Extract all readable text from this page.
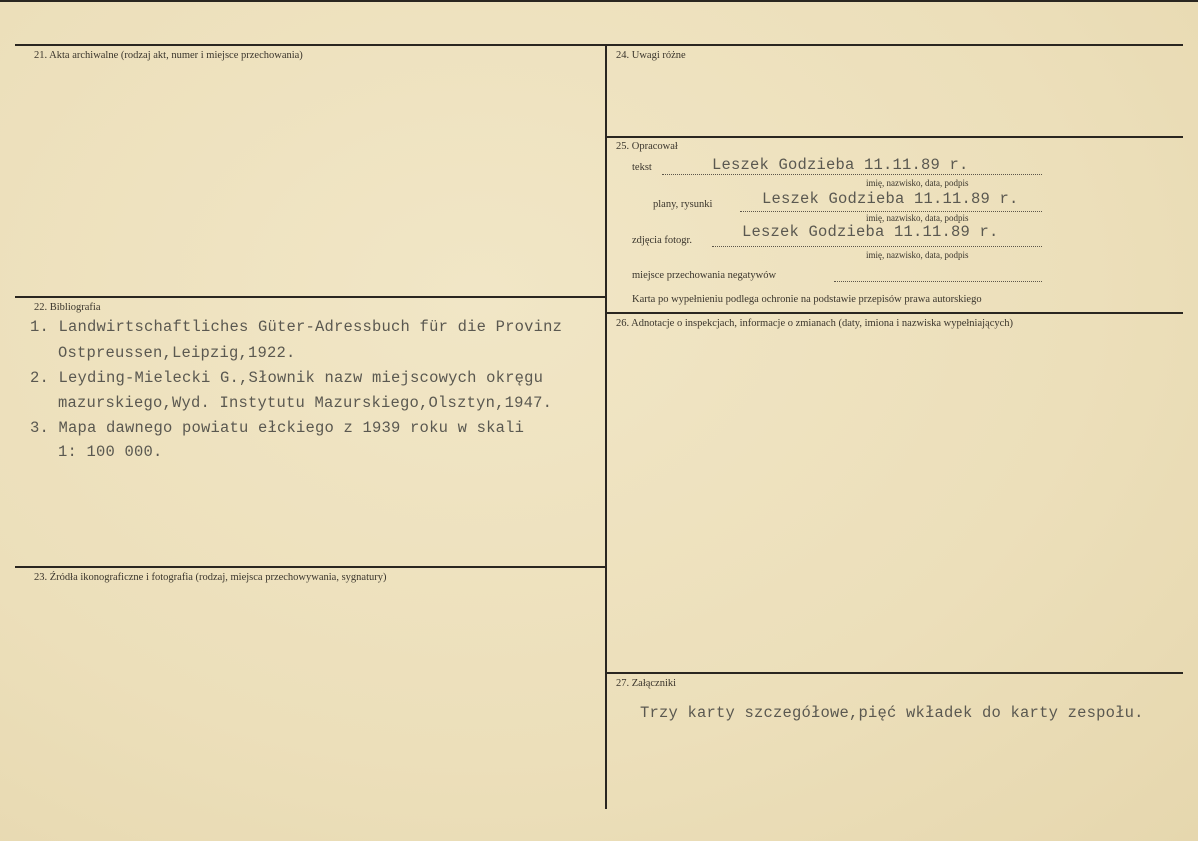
21. Akta archiwalne (rodzaj akt, numer i miejsce przechowania)
22. Bibliografia
1. Landwirtschaftliches Güter-Adressbuch für die Provinz
Ostpreussen,Leipzig,1922.
2. Leyding-Mielecki G.,Słownik nazw miejscowych okręgu
mazurskiego,Wyd. Instytutu Mazurskiego,Olsztyn,1947.
3. Mapa dawnego powiatu ełckiego z 1939 roku w skali
1: 100 000.
23. Źródła ikonograficzne i fotografia (rodzaj, miejsca przechowywania, sygnatury)
24. Uwagi różne
25. Opracował
tekst	Leszek Godzieba 11.11.89 r.
imię, nazwisko, data, podpis
plany, rysunki	Leszek Godzieba 11.11.89 r.
imię, nazwisko, data, podpis
zdjęcia fotogr.	Leszek Godzieba 11.11.89 r.
imię, nazwisko, data, podpis
miejsce przechowania negatywów
Karta po wypełnieniu podlega ochronie na podstawie przepisów prawa autorskiego
26. Adnotacje o inspekcjach, informacje o zmianach (daty, imiona i nazwiska wypełniających)
27. Załączniki
Trzy karty szczegółowe,pięć wkładek do karty zespołu.
